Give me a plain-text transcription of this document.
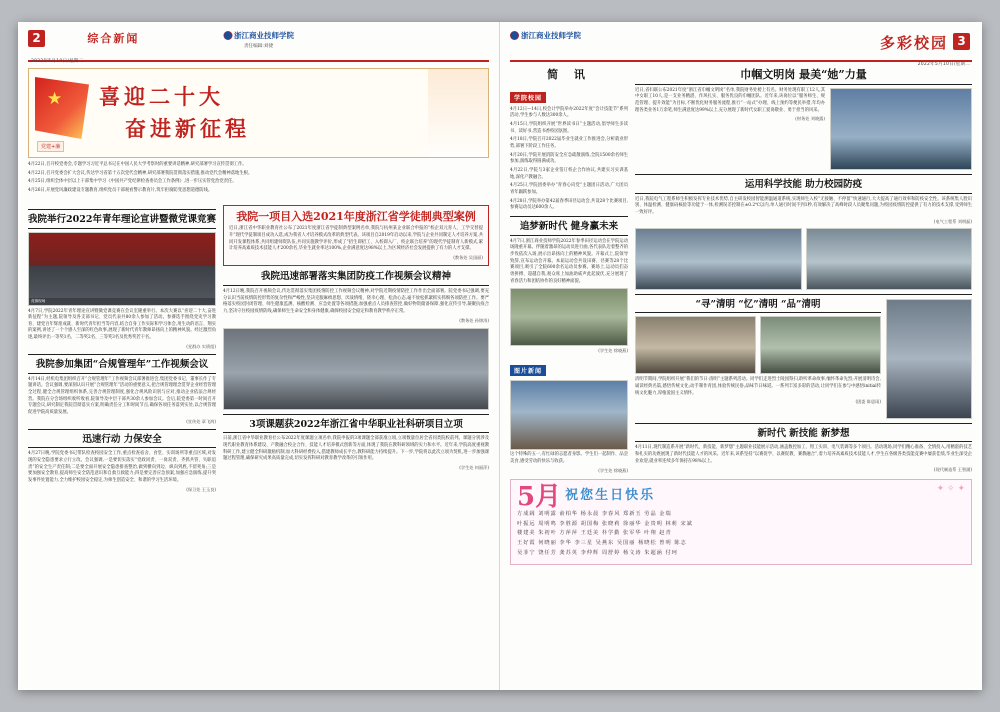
2
2022年5月10日/星期二
综合新闻	浙江商业技师学院
责任编辑:刘捷
★ 喜迎二十大
奋进新征程
党建+廉
4月22日,召开校党委会,专题学习习近平总书记在中国人民大学考察时的重要讲话精神,研究部署学习宣传贯彻工作。
4月22日,召开党委会扩大会议,传达学习省第十五次党代会精神,研究部署我院贯彻落实措施,推动党代会精神落地生根。
4月25日,组织全体中层以上干部集中学习《中国共产党纪律检查委员会工作条例》,进一步压实管党治党责任。
4月26日,开展党风廉政建设专题教育,组织党员干部观看警示教育片,筑牢拒腐防变思想道德防线。
我院举行2022年青年理论宣讲暨微党课竞赛
竞赛现场
4月7日,学院2022年青年理论宣讲暨微党课竞赛在会议室隆重举行。本次大赛以“喜迎二十大,奋进新征程”为主题,院领导及各支部书记、党员代表共80余人参加了活动。参赛选手围绕党史学习教育、建党百年辉煌成就、新时代青年担当等内容,结合自身工作实际和学习体会,用生动的语言、翔实的案例,讲述了一个个感人至深的红色故事,展现了新时代青年教师昂扬向上的精神风貌。经过激烈角逐,最终评出一等奖1名、二等奖2名、三等奖3名及优秀奖若干名。
(党群办 实绩组)
我院参加集团“合规管理年”工作视频会议
4月14日,经机电集团组织召开“合规管理年”工作视频会议部署推进会,集团党委书记、董事长作了专题讲话。会议强调,要深刻认识开展“合规管理年”活动的重要意义,把合规管理理念贯穿企业经营管理全过程,健全合规管理组织体系,完善合规管理制度,强化合规风险识别与应对,推动企业依法合规经营。我院在分会场组织收听收看,院领导及中层干部共30余人参加会议。会后,院党委第一时间召开专题会议,研究制定我院贯彻落实方案,明确责任分工和时间节点,确保各项任务落到实处,以合规管理促进学院高质量发展。
(宣传处 章飞鸿)
迅速行动 力保安全
4月27日晚,学院党委书记带队检查校园安全工作,重点检查宿舍、食堂、实训场所等重点区域,对发现的安全隐患要求立行立改。会议强调,一是要切实落实“党政同责、一岗双责、齐抓共管、失职追责”的安全生产责任制;二是要全面开展安全隐患排查整治,做到横向到边、纵向到底,不留死角;三是要加强安全教育,提高师生安全防范意识和自救互救能力;四是要完善应急预案,加强应急演练,提升突发事件处置能力,全力维护校园安全稳定,为师生创造安全、和谐的学习生活环境。
(保卫处 王玉良)
我院一项目入选2021年度浙江省学徒制典型案例
近日,浙江省中华职业教育社公布了2021年度浙江省学徒制典型案例名单,我院与杭州某企业联合申报的“校企双元育人、工学交替提升”现代学徒制项目成功入选,成为我省人才培养模式改革的典型代表。该项目自2019年启动以来,学院与企业共同制定人才培养方案,共同开发课程体系,共同组建师资队伍,共同实施教学评价,形成了“招生即招工、入校即入厂、校企联合培养”的现代学徒制育人新模式,累计培养高素质技术技能人才200余名,毕业生就业率达100%,企业满意度达98%以上,为区域经济社会发展提供了有力的人才支撑。
(教务处 吴国丽)
我院迅速部署落实集团防疫工作视频会议精神
4月12日晚,我院召开视频会议,传达贯彻落实集团疫情防控工作视频会议精神,对学院近期疫情防控工作作出全面部署。院党委书记强调,要充分认识当前疫情防控形势的复杂性和严峻性,坚决克服麻痹思想、厌战情绪、侥幸心理、松劲心态,毫不放松抓紧抓实抓细各项防控工作。要严格落实校园封闭管理、师生健康监测、核酸检测、应急处置等各项措施,加强重点人员排查管控,做好物资储备保障,强化宣传引导,凝聚抗疫合力,坚决守住校园疫情防线,确保师生生命安全和身体健康,确保校园安全稳定和教育教学秩序正常。
(教务处 孙锦涛)
3项课题获2022年浙江省中华职业社科研项目立项
日前,浙江省中华职业教育社公布2022年度课题立项名单,我院申报的3项课题全部获准立项,立项数量位居全省同类院校前列。课题分别涉及现代职业教育体系建设、产教融合校企合作、技能人才培养模式创新等方面,体现了我院在教科研领域的实力和水平。近年来,学院高度重视教科研工作,建立健全科研激励机制,加大科研经费投入,搭建教师成长平台,教科研能力持续提升。下一步,学院将以此次立项为契机,进一步加强课题过程管理,确保研究成果高质量完成,切实发挥科研对教育教学改革的引领作用。
(学生处 何丽萍)
浙江商业技师学院	多彩校园 3
2022年5月10日/星期二
简 讯
学院校园
4月12日—14日,校会计学院举办2022年度“会计技能节”系列活动,学生参与人数达300余人。
4月15日,学院组织开展“世界读书日”主题活动,倡导师生多读书、读好书,营造书香校园氛围。
4月18日,学院召开2022届毕业生就业工作推进会,分析就业形势,部署下阶段工作任务。
4月20日,学院开展消防安全应急疏散演练,全院1500余名师生参加,演练取得圆满成功。
4月22日,学院与3家企业签订校企合作协议,共建实习实训基地,深化产教融合。
4月25日,学院团委举办“青春心向党”主题团日活动,广大团员青年踊跃参加。
4月28日,学院举办第42届春季田径运动会,共设28个比赛项目,参赛运动员达600余人。
追梦新时代 健身赢未来
4月7日,浙江商业技师学院2022年春季田径运动会在学院运动场隆重开幕。伴随着激昂的运动员进行曲,各代表队迈着整齐的步伐依次入场,展示出昂扬向上的精神风貌。开幕式上,院领导致辞,宣布运动会开幕。本届运动会共设田赛、径赛等28个比赛项目,吸引了全院600余名运动员参赛。赛场上,运动员们奋勇拼搏、超越自我,观众席上加油助威声此起彼伏,充分展现了青春活力和团结协作的良好精神面貌。
(学生处 徐晓燕)
图片新闻
这个特殊的五一,有忙碌的志愿者身影。学生们一起制作、品尝美食,感受劳动的快乐与收获。
(学生处 徐晓燕)
巾帼文明岗 最美“她”力量
近日,省妇联公布2021年度“浙江省巾帼文明岗”名单,我院财务处榜上有名。财务处现有职工12人,其中女职工10人,是一支业务精湛、作风扎实、服务优良的巾帼团队。近年来,该岗位以“服务师生、规范管理、提升效能”为目标,不断优化财务服务流程,推行“一站式”办理、线上预约等便民举措,年均办理各类业务1万余笔,师生满意度达99%以上,充分展现了新时代女职工爱岗敬业、勇于担当的风采。
(财务处 刘晓露)
运用科学技能 助力校园防疫
近日,我院电气工程系师生积极发挥专业技术优势,自主研发校园智能测温通道系统,实现师生入校“无接触、不停留”快速通行,大大提高了通行效率和防疫安全性。该系统集人脸识别、体温检测、健康码核验等功能于一体,检测误差控制在±0.2℃以内,单人通行时间不到1秒,有效解决了高峰时段人员聚集问题,为校园疫情防控提供了有力的技术支撑,受到师生一致好评。
(电气工程系 刘明磊)
“寻”清明 “忆”清明 “品”清明
清明节期间,学院组织开展“我们的节日·清明”主题系列活动。同学们走进烈士陵园祭扫,聆听革命故事,缅怀革命先烈;开展清明诗会,诵读经典名篇,感悟传统文化;动手制作青团,体验传统民俗,品味节日味道。一系列丰富多彩的活动,让同学们在参与中感悟initial传统文化魅力,厚植爱国主义情怀。
(团委 陈思雨)
新时代 新技能 新梦想
4月11日,现代制造系开展“新时代、新技能、新梦想”主题职业技能展示活动,涵盖数控加工、钳工实训、电气装调等多个项目。活动现场,同学们精心准备、全情投入,用精湛的技艺和扎实的功底展现了新时代技能人才的风采。近年来,该系坚持“以赛促学、以赛促教、赛教融合”,着力培养高素质技术技能人才,学生在各级各类技能竞赛中屡获佳绩,毕业生深受企业欢迎,就业率连续多年保持在98%以上。
(现代制造系 王智涵)
✦ ✧ ✦
5月 祝您生日快乐
方成阔 刘明露 俞柏华 杨永晨 李春风 郑新玉 劳晶 金瑞
叶振远 周明鸣 李胜源 胡国梅 张晓莉 徐丽华 金贵明 林莉 宋斌
楼建美 朱初叶 方萍萍 王廷美 朴学勤 张军华 叶翔 赵青
王好霞 何晓丽 李华 李三星 吴燕东 吴国丽 杨晓松 曾明 陈志
吴菲宁 饶任芳 龚苏英 李仲辉 周舒婷 杨文涛 朱超涵 付珂
